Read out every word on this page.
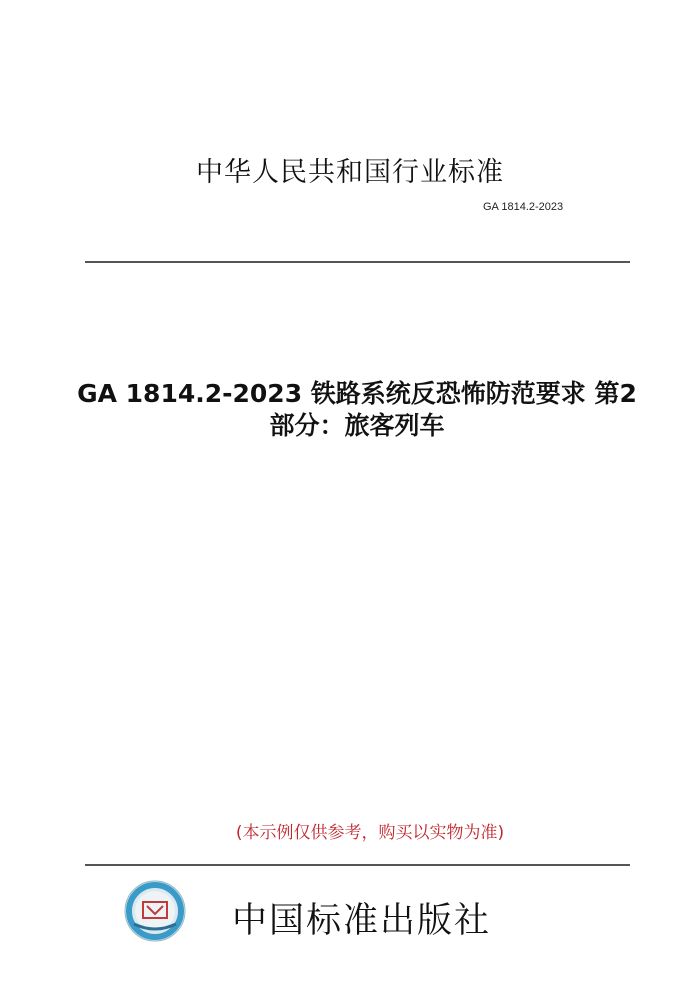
中华人民共和国行业标准
GA 1814.2-2023
GA 1814.2-2023 铁路系统反恐怖防范要求 第2
部分：旅客列车
(本示例仅供参考，购买以实物为准)
中国标准出版社
